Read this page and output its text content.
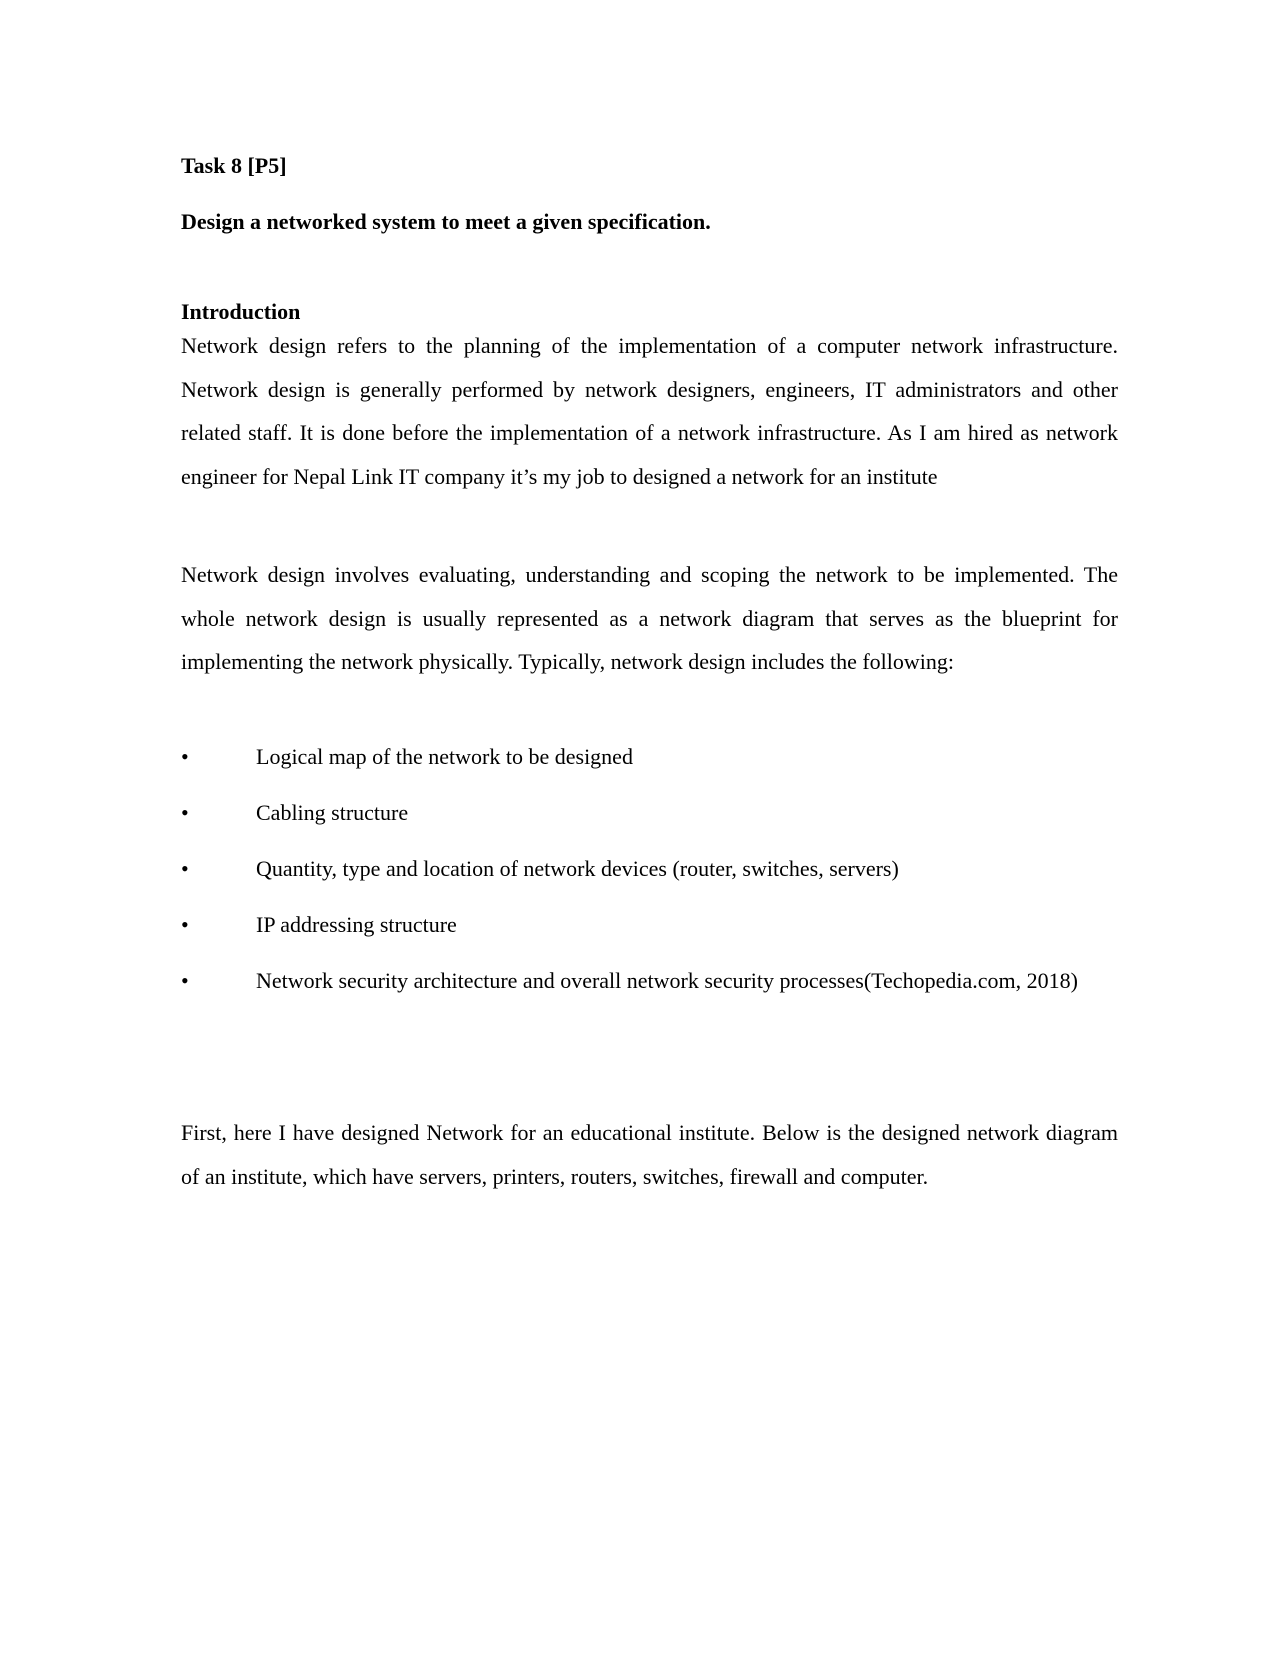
Task 8 [P5]
Design a networked system to meet a given specification.
Introduction

Network design refers to the planning of the implementation of a computer network infrastructure. Network design is generally performed by network designers, engineers, IT administrators and other related staff. It is done before the implementation of a network infrastructure. As I am hired as network engineer for Nepal Link IT company it’s my job to designed a network for an institute

Network design involves evaluating, understanding and scoping the network to be implemented. The whole network design is usually represented as a network diagram that serves as the blueprint for implementing the network physically. Typically, network design includes the following:

•	Logical map of the network to be designed
•	Cabling structure
•	Quantity, type and location of network devices (router, switches, servers)
•	IP addressing structure
•	Network security architecture and overall network security processes(Techopedia.com, 2018)

First, here I have designed Network for an educational institute. Below is the designed network diagram of an institute, which have servers, printers, routers, switches, firewall and computer.
